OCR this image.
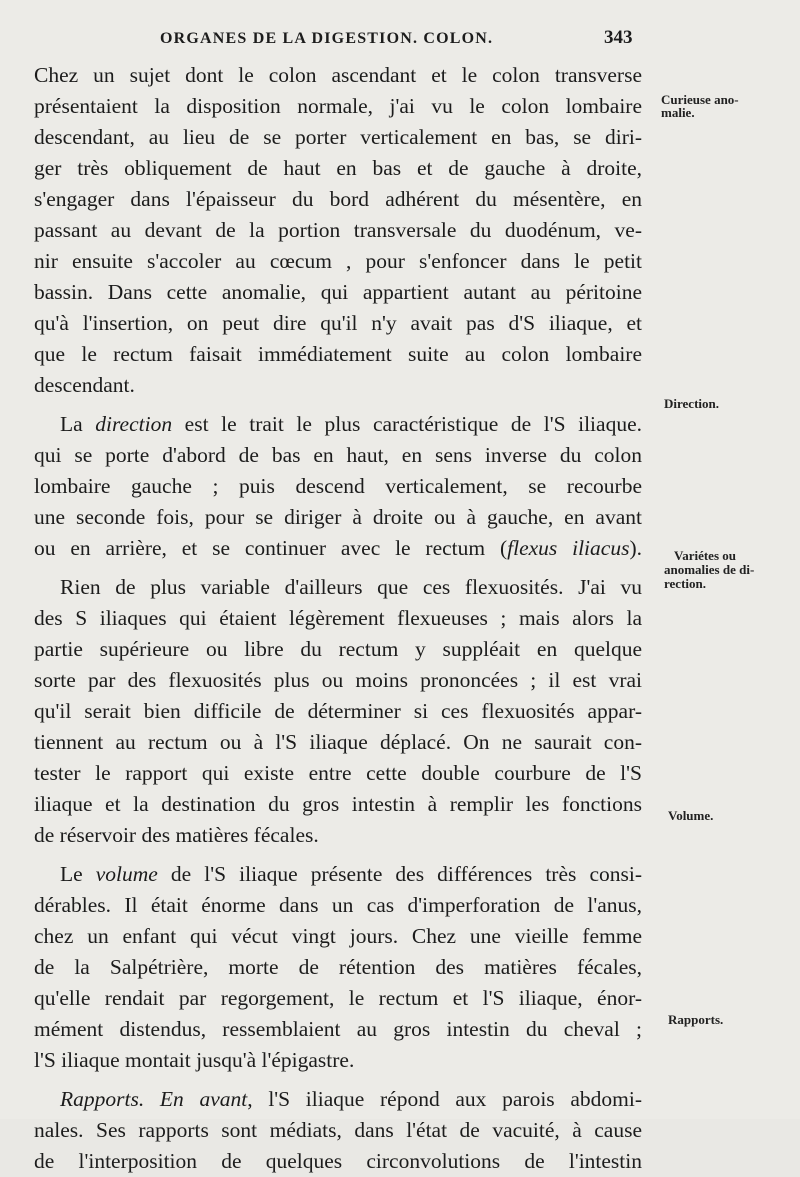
ORGANES DE LA DIGESTION. COLON.	343
Chez un sujet dont le colon ascendant et le colon transverse
présentaient la disposition normale, j'ai vu le colon lombaire
descendant, au lieu de se porter verticalement en bas, se diri-
ger très obliquement de haut en bas et de gauche à droite,
s'engager dans l'épaisseur du bord adhérent du mésentère, en
passant au devant de la portion transversale du duodénum, ve-
nir ensuite s'accoler au cœcum , pour s'enfoncer dans le petit
bassin. Dans cette anomalie, qui appartient autant au péritoine
qu'à l'insertion, on peut dire qu'il n'y avait pas d'S iliaque, et
que le rectum faisait immédiatement suite au colon lombaire
descendant.
La direction est le trait le plus caractéristique de l'S iliaque.
qui se porte d'abord de bas en haut, en sens inverse du colon
lombaire gauche ; puis descend verticalement, se recourbe
une seconde fois, pour se diriger à droite ou à gauche, en avant
ou en arrière, et se continuer avec le rectum (flexus iliacus).
Rien de plus variable d'ailleurs que ces flexuosités. J'ai vu
des S iliaques qui étaient légèrement flexueuses ; mais alors la
partie supérieure ou libre du rectum y suppléait en quelque
sorte par des flexuosités plus ou moins prononcées ; il est vrai
qu'il serait bien difficile de déterminer si ces flexuosités appar-
tiennent au rectum ou à l'S iliaque déplacé. On ne saurait con-
tester le rapport qui existe entre cette double courbure de l'S
iliaque et la destination du gros intestin à remplir les fonctions
de réservoir des matières fécales.
Le volume de l'S iliaque présente des différences très consi-
dérables. Il était énorme dans un cas d'imperforation de l'anus,
chez un enfant qui vécut vingt jours. Chez une vieille femme
de la Salpétrière, morte de rétention des matières fécales,
qu'elle rendait par regorgement, le rectum et l'S iliaque, énor-
mément distendus, ressemblaient au gros intestin du cheval ;
l'S iliaque montait jusqu'à l'épigastre.
Rapports. En avant, l'S iliaque répond aux parois abdomi-
nales. Ses rapports sont médiats, dans l'état de vacuité, à cause
de l'interposition de quelques circonvolutions de l'intestin
Curieuse ano-
malie.
Direction.
Variétes ou
anomalies de di-
rection.
Volume.
Rapports.
